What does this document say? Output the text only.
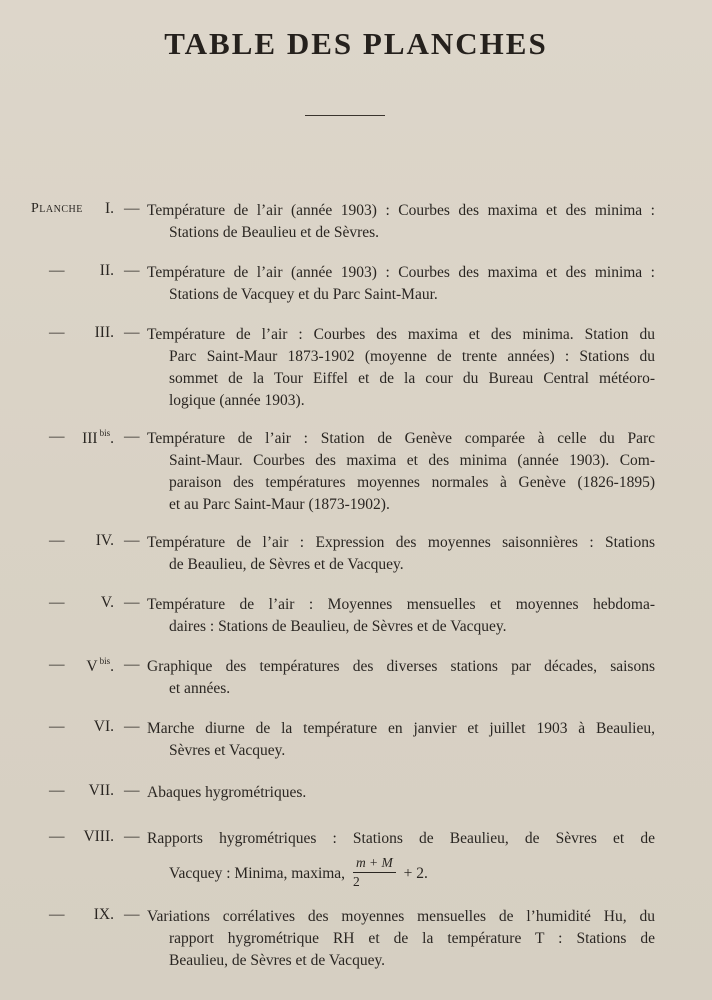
TABLE DES PLANCHES
Planche I. — Température de l’air (année 1903) : Courbes des maxima et des minima :
Stations de Beaulieu et de Sèvres.
— II. — Température de l’air (année 1903) : Courbes des maxima et des minima :
Stations de Vacquey et du Parc Saint-Maur.
— III. — Température de l’air : Courbes des maxima et des minima. Station du
Parc Saint-Maur 1873-1902 (moyenne de trente années) : Stations du
sommet de la Tour Eiffel et de la cour du Bureau Central météoro-
logique (année 1903).
— III $^{bis}$. — Température de l’air : Station de Genève comparée à celle du Parc
Saint-Maur. Courbes des maxima et des minima (année 1903). Com-
paraison des températures moyennes normales à Genève (1826-1895)
et au Parc Saint-Maur (1873-1902).
— IV. — Température de l’air : Expression des moyennes saisonnières : Stations
de Beaulieu, de Sèvres et de Vacquey.
— V. — Température de l’air : Moyennes mensuelles et moyennes hebdoma-
daires : Stations de Beaulieu, de Sèvres et de Vacquey.
— V $^{bis}$. — Graphique des températures des diverses stations par décades, saisons
et années.
— VI. — Marche diurne de la température en janvier et juillet 1903 à Beaulieu,
Sèvres et Vacquey.
— VII. — Abaques hygrométriques.
— VIII. — Rapports hygrométriques : Stations de Beaulieu, de Sèvres et de
Vacquey : Minima, maxima, $\frac{m + M}{2} + 2$.
— IX. — Variations corrélatives des moyennes mensuelles de l’humidité Hu, du
rapport hygrométrique RH et de la température T : Stations de
Beaulieu, de Sèvres et de Vacquey.
